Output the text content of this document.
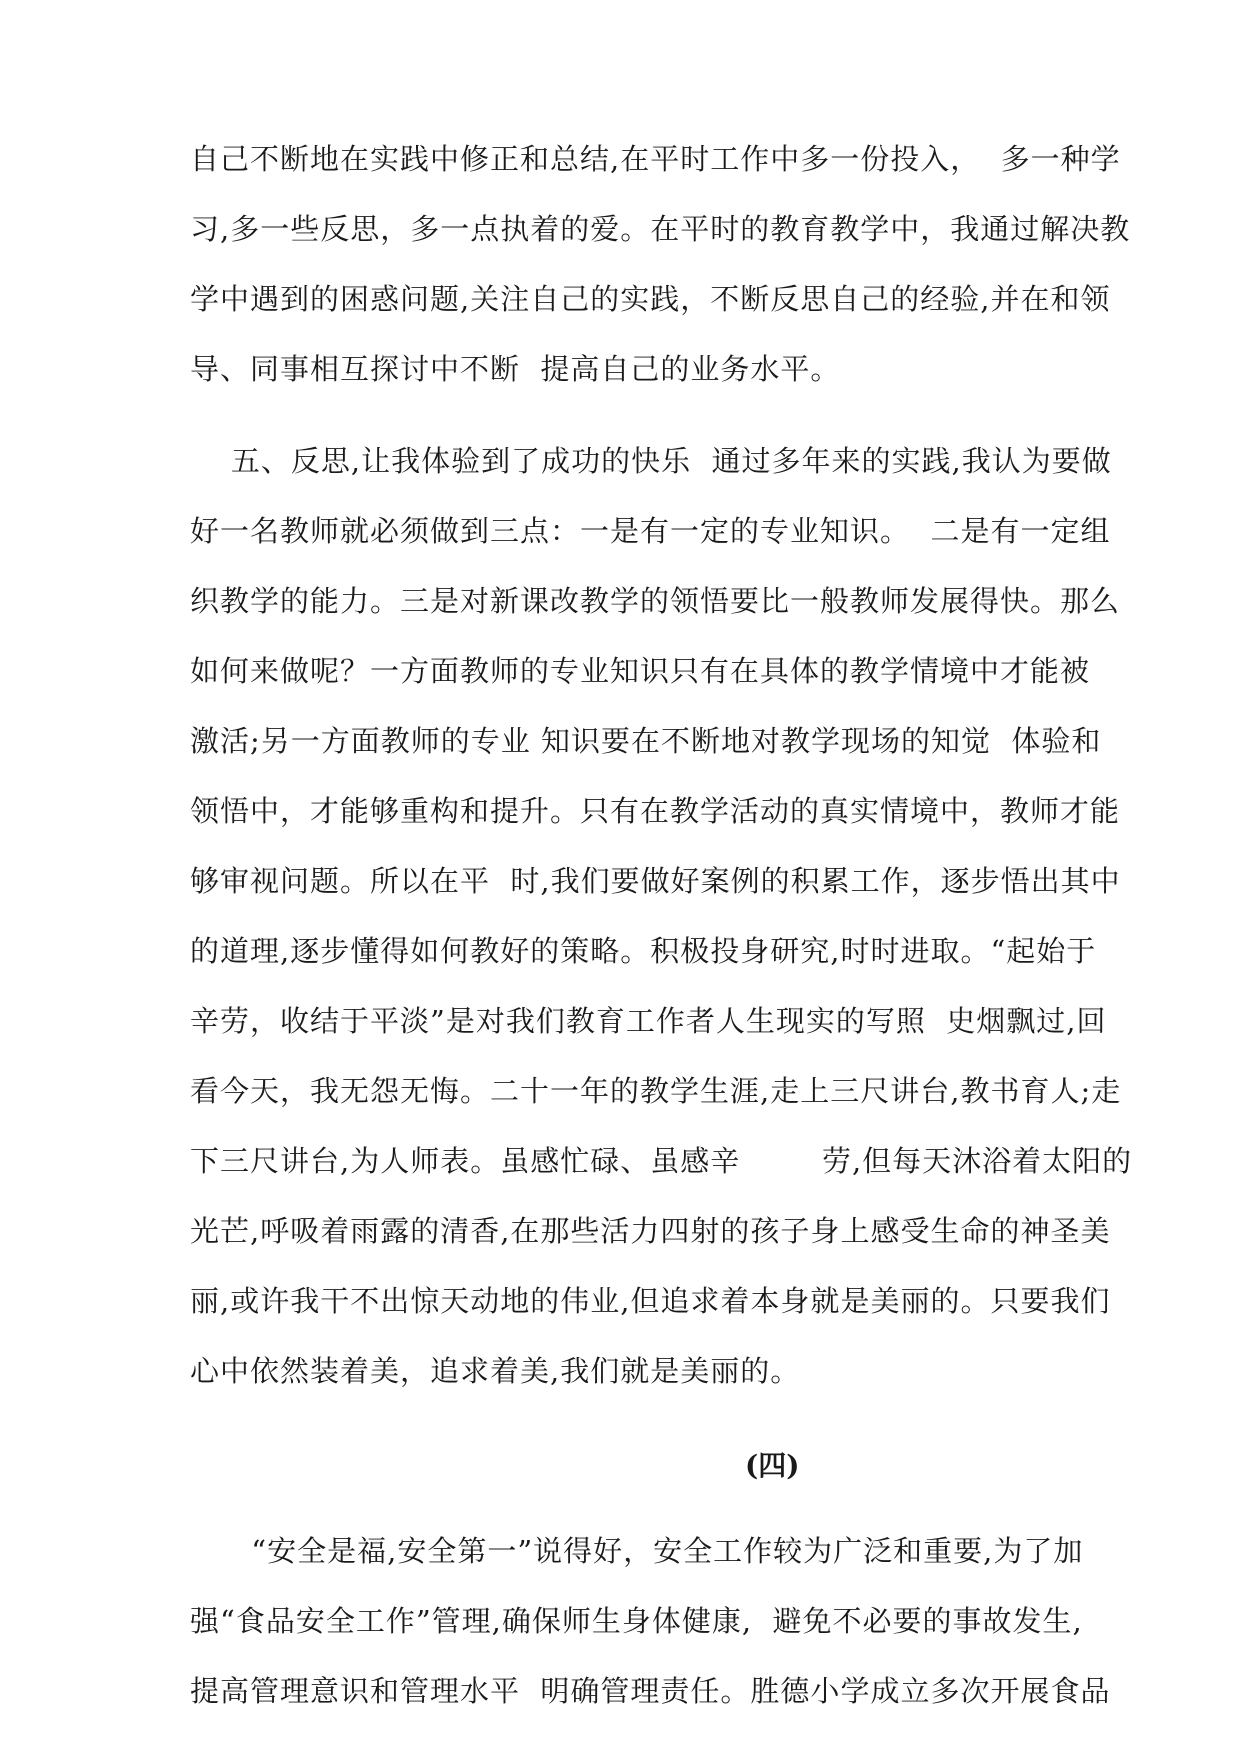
自己不断地在实践中修正和总结,在平时工作中多一份投入，  多一种学
习,多一些反思，多一点执着的爱。在平时的教育教学中，我通过解决教
学中遇到的困惑问题,关注自己的实践，不断反思自己的经验,并在和领
导、同事相互探讨中不断  提高自己的业务水平。
五、反思,让我体验到了成功的快乐  通过多年来的实践,我认为要做
好一名教师就必须做到三点：一是有一定的专业知识。  二是有一定组
织教学的能力。三是对新课改教学的领悟要比一般教师发展得快。那么
如何来做呢？一方面教师的专业知识只有在具体的教学情境中才能被
激活;另一方面教师的专业 知识要在不断地对教学现场的知觉  体验和
领悟中，才能够重构和提升。只有在教学活动的真实情境中，教师才能
够审视问题。所以在平  时,我们要做好案例的积累工作，逐步悟出其中
的道理,逐步懂得如何教好的策略。积极投身研究,时时进取。“起始于
辛劳，收结于平淡”是对我们教育工作者人生现实的写照  史烟飘过,回
看今天，我无怨无悔。二十一年的教学生涯,走上三尺讲台,教书育人;走
下三尺讲台,为人师表。虽感忙碌、虽感辛        劳,但每天沐浴着太阳的
光芒,呼吸着雨露的清香,在那些活力四射的孩子身上感受生命的神圣美
丽,或许我干不出惊天动地的伟业,但追求着本身就是美丽的。只要我们
心中依然装着美，追求着美,我们就是美丽的。
“安全是福,安全第一”说得好，安全工作较为广泛和重要,为了加
强“食品安全工作”管理,确保师生身体健康,  避免不必要的事故发生,
提高管理意识和管理水平  明确管理责任。胜德小学成立多次开展食品
(四)
